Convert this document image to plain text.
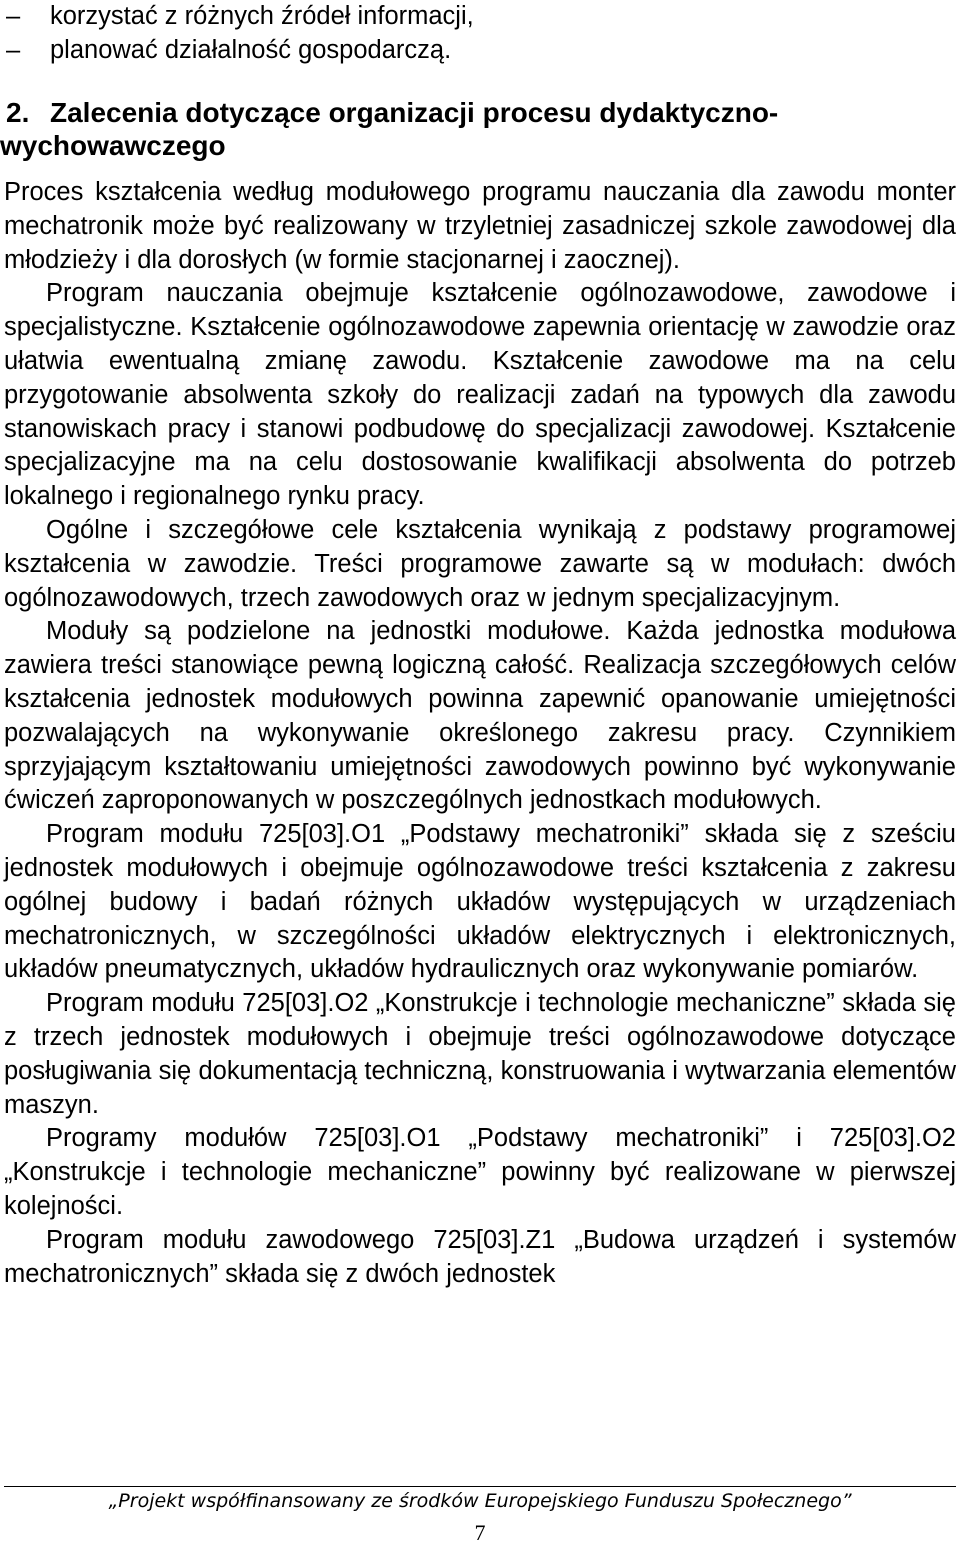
–	korzystać z różnych źródeł informacji,
–	planować działalność gospodarczą.
2. Zalecenia dotyczące organizacji procesu dydaktyczno-wychowawczego

Proces kształcenia według modułowego programu nauczania dla zawodu monter mechatronik może być realizowany w trzyletniej zasadniczej szkole zawodowej dla młodzieży i dla dorosłych (w formie stacjonarnej i zaocznej).

Program nauczania obejmuje kształcenie ogólnozawodowe, zawodowe i specjalistyczne. Kształcenie ogólnozawodowe zapewnia orientację w zawodzie oraz ułatwia ewentualną zmianę zawodu. Kształcenie zawodowe ma na celu przygotowanie absolwenta szkoły do realizacji zadań na typowych dla zawodu stanowiskach pracy i stanowi podbudowę do specjalizacji zawodowej. Kształcenie specjalizacyjne ma na celu dostosowanie kwalifikacji absolwenta do potrzeb lokalnego i regionalnego rynku pracy.

Ogólne i szczegółowe cele kształcenia wynikają z podstawy programowej kształcenia w zawodzie. Treści programowe zawarte są w modułach: dwóch ogólnozawodowych, trzech zawodowych oraz w jednym specjalizacyjnym.

Moduły są podzielone na jednostki modułowe. Każda jednostka modułowa zawiera treści stanowiące pewną logiczną całość. Realizacja szczegółowych celów kształcenia jednostek modułowych powinna zapewnić opanowanie umiejętności pozwalających na wykonywanie określonego zakresu pracy. Czynnikiem sprzyjającym kształtowaniu umiejętności zawodowych powinno być wykonywanie ćwiczeń zaproponowanych w poszczególnych jednostkach modułowych.

Program modułu 725[03].O1 „Podstawy mechatroniki” składa się z sześciu jednostek modułowych i obejmuje ogólnozawodowe treści kształcenia z zakresu ogólnej budowy i badań różnych układów występujących w urządzeniach mechatronicznych, w szczególności układów elektrycznych i elektronicznych, układów pneumatycznych, układów hydraulicznych oraz wykonywanie pomiarów.

Program modułu 725[03].O2 „Konstrukcje i technologie mechaniczne” składa się z trzech jednostek modułowych i obejmuje treści ogólnozawodowe dotyczące posługiwania się dokumentacją techniczną, konstruowania i wytwarzania elementów maszyn.

Programy modułów 725[03].O1 „Podstawy mechatroniki” i 725[03].O2 „Konstrukcje i technologie mechaniczne” powinny być realizowane w pierwszej kolejności.

Program modułu zawodowego 725[03].Z1 „Budowa urządzeń i systemów mechatronicznych” składa się z dwóch jednostek

„Projekt współfinansowany ze środków Europejskiego Funduszu Społecznego”
7
